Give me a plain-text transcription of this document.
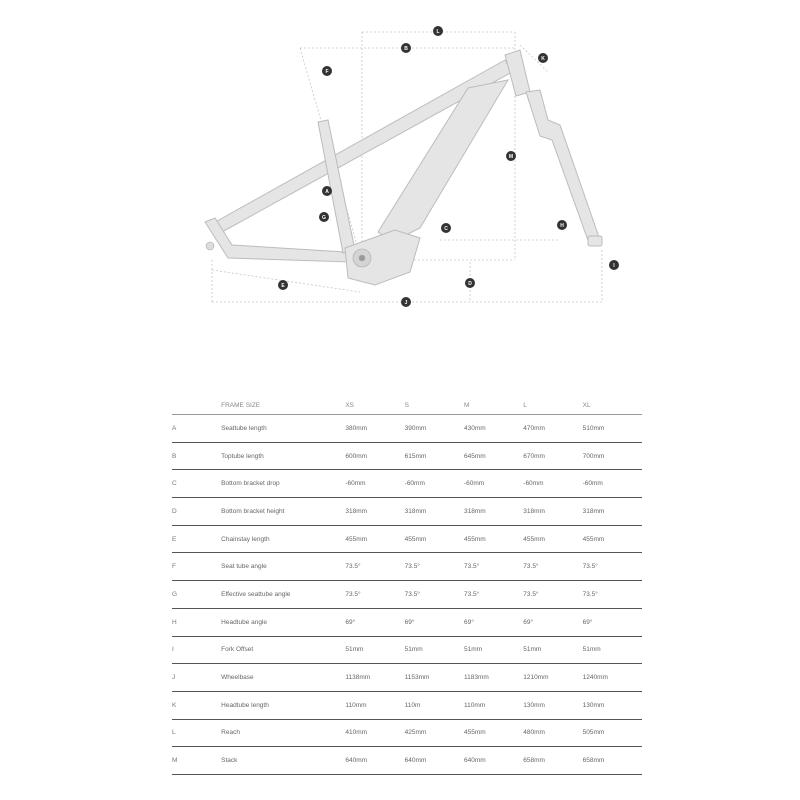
L
B
K
F
M
A
G
C	H
E	D
I
J
	FRAME SIZE	XS	S	M	L	XL
A	Seattube length	380mm	390mm	430mm	470mm	510mm
B	Toptube length	600mm	615mm	645mm	670mm	700mm
C	Bottom bracket drop	-60mm	-60mm	-60mm	-60mm	-60mm
D	Bottom bracket height	318mm	318mm	318mm	318mm	318mm
E	Chainstay length	455mm	455mm	455mm	455mm	455mm
F	Seat tube angle	73.5°	73.5°	73.5°	73.5°	73.5°
G	Effective seattube angle	73.5°	73.5°	73.5°	73.5°	73.5°
H	Headtube angle	69°	69°	69°	69°	69°
I	Fork Offset	51mm	51mm	51mm	51mm	51mm
J	Wheelbase	1138mm	1153mm	1183mm	1210mm	1240mm
K	Headtube length	110mm	110m	110mm	130mm	130mm
L	Reach	410mm	425mm	455mm	480mm	505mm
M	Stack	640mm	640mm	640mm	658mm	658mm
